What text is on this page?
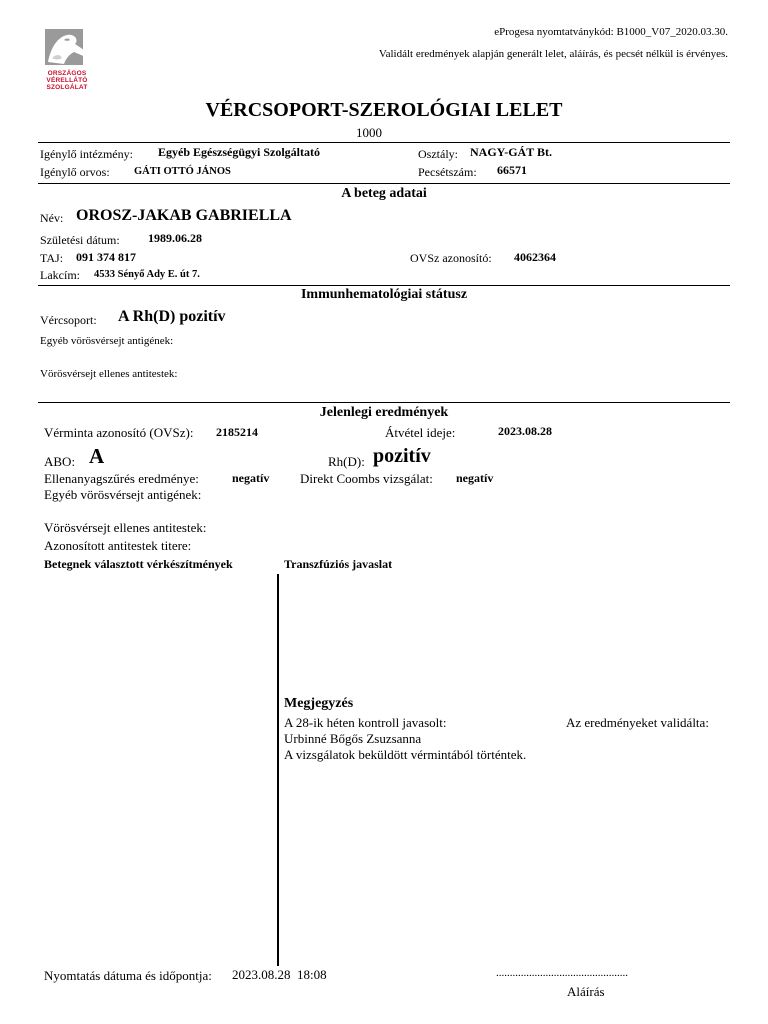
ORSZÁGOS
VÉRELLÁTÓ
SZOLGÁLAT
eProgesa nyomtatványkód: B1000_V07_2020.03.30.
Validált eredmények alapján generált lelet, aláírás, és pecsét nélkül is érvényes.
VÉRCSOPORT-SZEROLÓGIAI LELET
1000
Igénylő intézmény: Egyéb Egészségügyi Szolgáltató	Osztály: NAGY-GÁT Bt.
Igénylő orvos: GÁTI OTTÓ JÁNOS	Pecsétszám: 66571
A beteg adatai
Név: OROSZ-JAKAB GABRIELLA
Születési dátum: 1989.06.28
TAJ: 091 374 817	OVSz azonosító: 4062364
Lakcím: 4533 Sényő Ady E. út 7.
Immunhematológiai státusz
Vércsoport: A Rh(D) pozitív
Egyéb vörösvérsejt antigének:
Vörösvérsejt ellenes antitestek:
Jelenlegi eredmények
Vérminta azonosító (OVSz): 2185214	Átvétel ideje:	2023.08.28
ABO: A	Rh(D): pozitív
Ellenanyagszűrés eredménye:	negatív Direkt Coombs vizsgálat: negatív
Egyéb vörösvérsejt antigének:
Vörösvérsejt ellenes antitestek:
Azonosított antitestek titere:
Betegnek választott vérkészítmények	Transzfúziós javaslat
Megjegyzés
A 28-ik héten kontroll javasolt:	Az eredményeket validálta:
Urbinné Bőgős Zsuzsanna
A vizsgálatok beküldött vérmintából történtek.
Nyomtatás dátuma és időpontja: 2023.08.28  18:08	................................................
Aláírás
